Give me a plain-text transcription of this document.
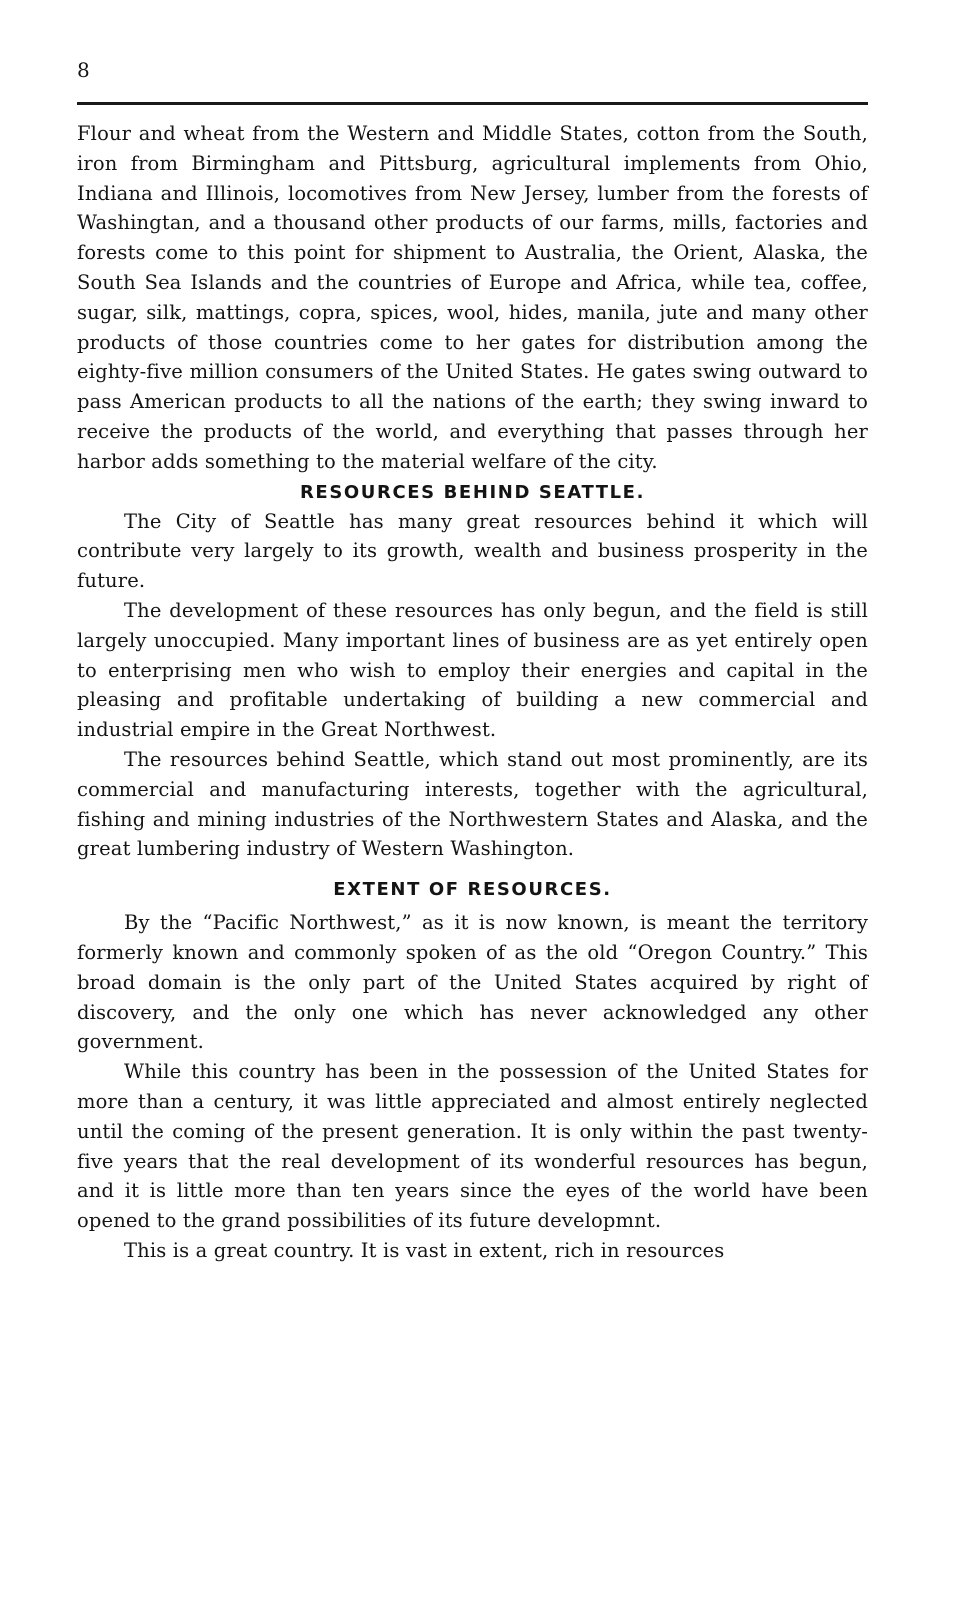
8

Flour and wheat from the Western and Middle States, cotton from the South, iron from Birmingham and Pittsburg, agricultural implements from Ohio, Indiana and Illinois, locomotives from New Jersey, lumber from the forests of Washingtan, and a thousand other products of our farms, mills, factories and forests come to this point for shipment to Australia, the Orient, Alaska, the South Sea Islands and the countries of Europe and Africa, while tea, coffee, sugar, silk, mattings, copra, spices, wool, hides, manila, jute and many other products of those countries come to her gates for distribution among the eighty-five million consumers of the United States. He gates swing outward to pass American products to all the nations of the earth; they swing inward to receive the products of the world, and everything that passes through her harbor adds something to the material welfare of the city.

RESOURCES BEHIND SEATTLE.

The City of Seattle has many great resources behind it which will contribute very largely to its growth, wealth and business prosperity in the future.

The development of these resources has only begun, and the field is still largely unoccupied. Many important lines of business are as yet entirely open to enterprising men who wish to employ their energies and capital in the pleasing and profitable undertaking of building a new commercial and industrial empire in the Great Northwest.

The resources behind Seattle, which stand out most prominently, are its commercial and manufacturing interests, together with the agricultural, fishing and mining industries of the Northwestern States and Alaska, and the great lumbering industry of Western Washington.

EXTENT OF RESOURCES.

By the “Pacific Northwest,” as it is now known, is meant the territory formerly known and commonly spoken of as the old “Oregon Country.” This broad domain is the only part of the United States acquired by right of discovery, and the only one which has never acknowledged any other government.

While this country has been in the possession of the United States for more than a century, it was little appreciated and almost entirely neglected until the coming of the present generation. It is only within the past twenty-five years that the real development of its wonderful resources has begun, and it is little more than ten years since the eyes of the world have been opened to the grand possibilities of its future developmnt.

This is a great country. It is vast in extent, rich in resources
